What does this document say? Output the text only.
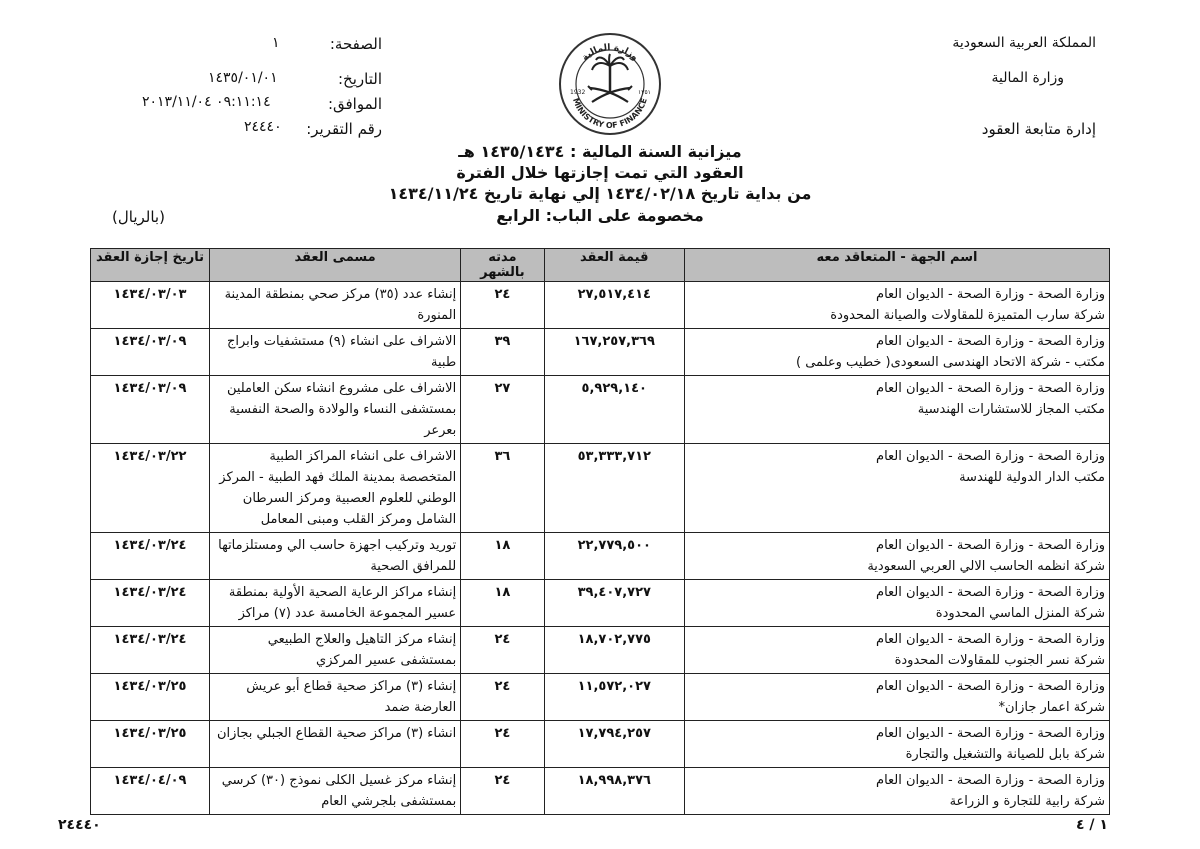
المملكة العربية السعودية
وزارة المالية
إدارة متابعة العقود
وزارة المالية
MINISTRY OF FINANCE
1932	١٣٥١
الصفحة:
١
التاريخ:
١٤٣٥/٠١/٠١
الموافق:
٠٩:١١:١٤ ٢٠١٣/١١/٠٤
رقم التقرير:
٢٤٤٤٠
ميزانية السنة المالية : ١٤٣٥/١٤٣٤ هـ
العقود التي تمت إجازتها خلال الفترة
من بداية تاريخ ١٤٣٤/٠٢/١٨ إلي نهاية تاريخ ١٤٣٤/١١/٢٤
مخصومة على الباب: الرابع
(بالريال)
اسم الجهة - المتعاقد معه	قيمة العقد	مدته بالشهر	مسمى العقد	تاريخ إجازة العقد

وزارة الصحة - وزارة الصحة - الديوان العام
شركة سارب المتميزة للمقاولات والصيانة المحدودة	٢٧,٥١٧,٤١٤	٢٤	إنشاء عدد (٣٥) مركز صحي بمنطقة المدينة المنورة	١٤٣٤/٠٣/٠٣

وزارة الصحة - وزارة الصحة - الديوان العام
مكتب - شركة الاتحاد الهندسى السعودى( خطيب وعلمى )	١٦٧,٢٥٧,٣٦٩	٣٩	الاشراف على انشاء (٩) مستشفيات وابراج طبية	١٤٣٤/٠٣/٠٩

وزارة الصحة - وزارة الصحة - الديوان العام
مكتب المجاز للاستشارات الهندسية	٥,٩٢٩,١٤٠	٢٧	الاشراف على مشروع انشاء سكن العاملين بمستشفى النساء والولادة والصحة النفسية بعرعر	١٤٣٤/٠٣/٠٩

وزارة الصحة - وزارة الصحة - الديوان العام
مكتب الدار الدولية للهندسة	٥٣,٣٣٣,٧١٢	٣٦	الاشراف على انشاء المراكز الطبية المتخصصة بمدينة الملك فهد الطبية - المركز الوطني للعلوم العصبية ومركز السرطان الشامل ومركز القلب ومبنى المعامل	١٤٣٤/٠٣/٢٢

وزارة الصحة - وزارة الصحة - الديوان العام
شركة انظمه الحاسب الالي العربي السعودية	٢٢,٧٧٩,٥٠٠	١٨	توريد وتركيب اجهزة حاسب الي ومستلزماتها للمرافق الصحية	١٤٣٤/٠٣/٢٤

وزارة الصحة - وزارة الصحة - الديوان العام
شركة المنزل الماسي المحدودة	٣٩,٤٠٧,٧٢٧	١٨	إنشاء مراكز الرعاية الصحية الأولية بمنطقة عسير المجموعة الخامسة عدد (٧) مراكز	١٤٣٤/٠٣/٢٤

وزارة الصحة - وزارة الصحة - الديوان العام
شركة نسر الجنوب للمقاولات المحدودة	١٨,٧٠٢,٧٧٥	٢٤	إنشاء مركز التاهيل والعلاج الطبيعي بمستشفى عسير المركزي	١٤٣٤/٠٣/٢٤

وزارة الصحة - وزارة الصحة - الديوان العام
شركة اعمار جازان*	١١,٥٧٢,٠٢٧	٢٤	إنشاء (٣) مراكز صحية قطاع أبو عريش العارضة ضمد	١٤٣٤/٠٣/٢٥

وزارة الصحة - وزارة الصحة - الديوان العام
شركة بابل للصيانة والتشغيل والتجارة	١٧,٧٩٤,٢٥٧	٢٤	انشاء (٣) مراكز صحية القطاع الجبلي بجازان	١٤٣٤/٠٣/٢٥

وزارة الصحة - وزارة الصحة - الديوان العام
شركة رابية للتجارة و الزراعة	١٨,٩٩٨,٣٧٦	٢٤	إنشاء مركز غسيل الكلى نموذج (٣٠) كرسي بمستشفى بلجرشي العام	١٤٣٤/٠٤/٠٩
١ / ٤
٢٤٤٤٠
